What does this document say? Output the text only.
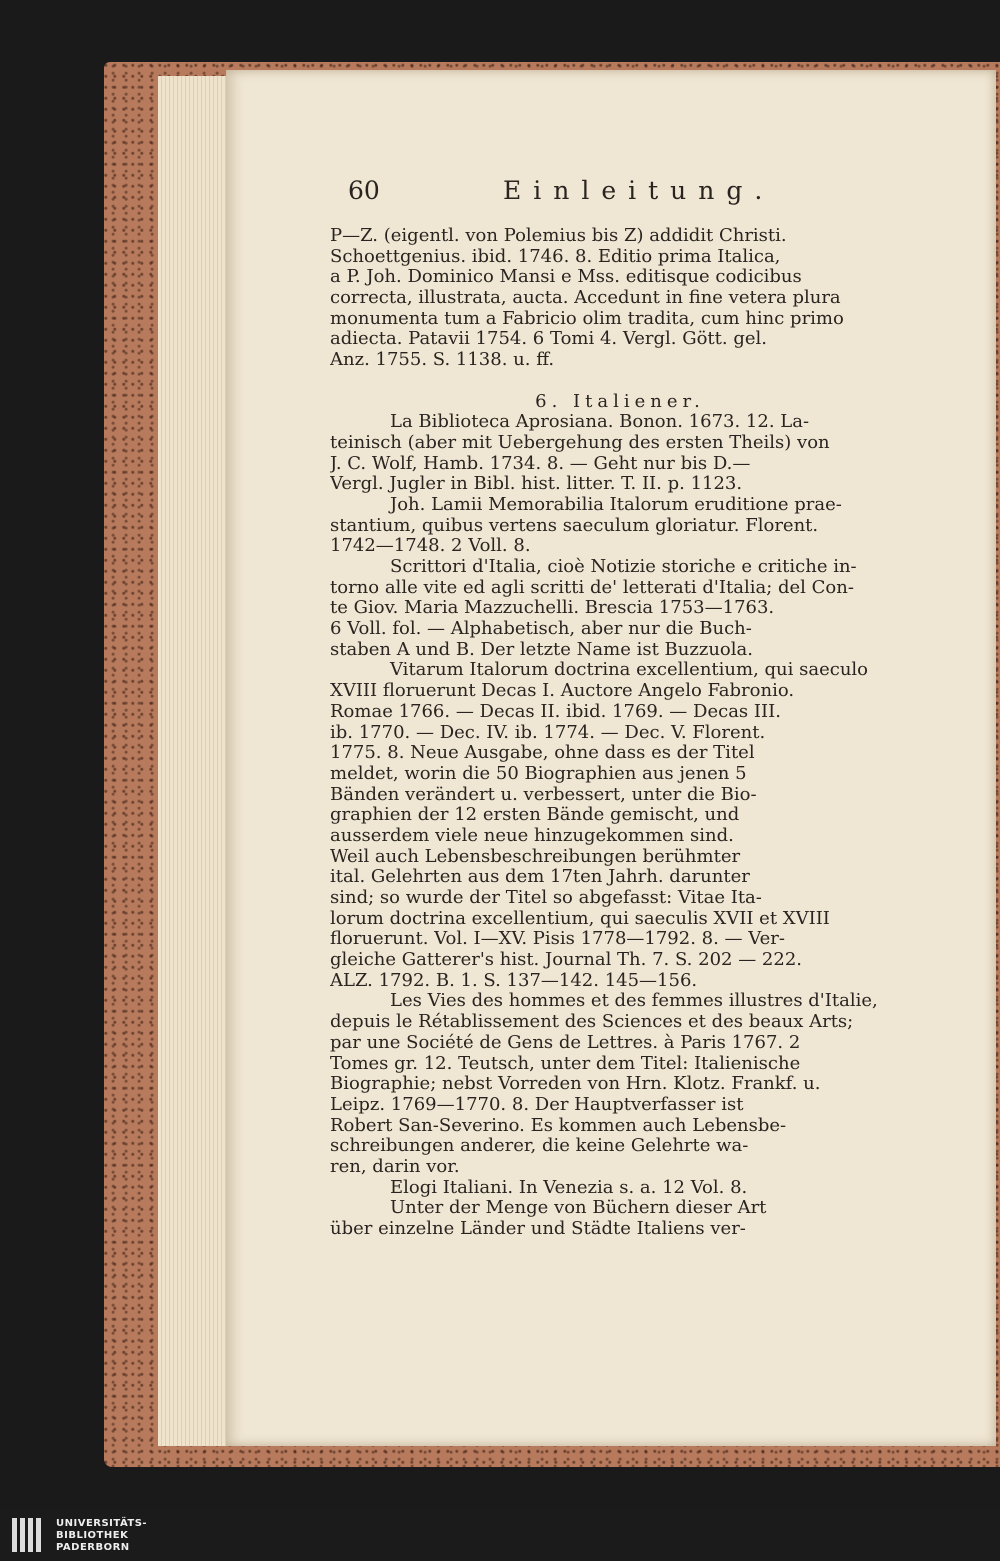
60	Einleitung.
P—Z. (eigentl. von Polemius bis Z) addidit Christi.
Schoettgenius. ibid. 1746. 8. Editio prima Italica,
a P. Joh. Dominico Mansi e Mss. editisque codicibus
correcta, illustrata, aucta. Accedunt in fine vetera plura
monumenta tum a Fabricio olim tradita, cum hinc primo
adiecta. Patavii 1754. 6 Tomi 4. Vergl. Gött. gel.
Anz. 1755. S. 1138. u. ff.
6. Italiener.
La Biblioteca Aprosiana. Bonon. 1673. 12. La-
teinisch (aber mit Uebergehung des ersten Theils) von
J. C. Wolf, Hamb. 1734. 8. — Geht nur bis D.—
Vergl. Jugler in Bibl. hist. litter. T. II. p. 1123.
Joh. Lamii Memorabilia Italorum eruditione prae-
stantium, quibus vertens saeculum gloriatur. Florent.
1742—1748. 2 Voll. 8.
Scrittori d'Italia, cioè Notizie storiche e critiche in-
torno alle vite ed agli scritti de' letterati d'Italia; del Con-
te Giov. Maria Mazzuchelli. Brescia 1753—1763.
6 Voll. fol. — Alphabetisch, aber nur die Buch-
staben A und B. Der letzte Name ist Buzzuola.
Vitarum Italorum doctrina excellentium, qui saeculo
XVIII floruerunt Decas I. Auctore Angelo Fabronio.
Romae 1766. — Decas II. ibid. 1769. — Decas III.
ib. 1770. — Dec. IV. ib. 1774. — Dec. V. Florent.
1775. 8. Neue Ausgabe, ohne dass es der Titel
meldet, worin die 50 Biographien aus jenen 5
Bänden verändert u. verbessert, unter die Bio-
graphien der 12 ersten Bände gemischt, und
ausserdem viele neue hinzugekommen sind.
Weil auch Lebensbeschreibungen berühmter
ital. Gelehrten aus dem 17ten Jahrh. darunter
sind; so wurde der Titel so abgefasst: Vitae Ita-
lorum doctrina excellentium, qui saeculis XVII et XVIII
floruerunt. Vol. I—XV. Pisis 1778—1792. 8. — Ver-
gleiche Gatterer's hist. Journal Th. 7. S. 202 — 222.
ALZ. 1792. B. 1. S. 137—142. 145—156.
Les Vies des hommes et des femmes illustres d'Italie,
depuis le Rétablissement des Sciences et des beaux Arts;
par une Société de Gens de Lettres. à Paris 1767. 2
Tomes gr. 12. Teutsch, unter dem Titel: Italienische
Biographie; nebst Vorreden von Hrn. Klotz. Frankf. u.
Leipz. 1769—1770. 8. Der Hauptverfasser ist
Robert San-Severino. Es kommen auch Lebensbe-
schreibungen anderer, die keine Gelehrte wa-
ren, darin vor.
Elogi Italiani. In Venezia s. a. 12 Vol. 8.
Unter der Menge von Büchern dieser Art
über einzelne Länder und Städte Italiens ver-
UNIVERSITÄTS-
BIBLIOTHEK
PADERBORN
